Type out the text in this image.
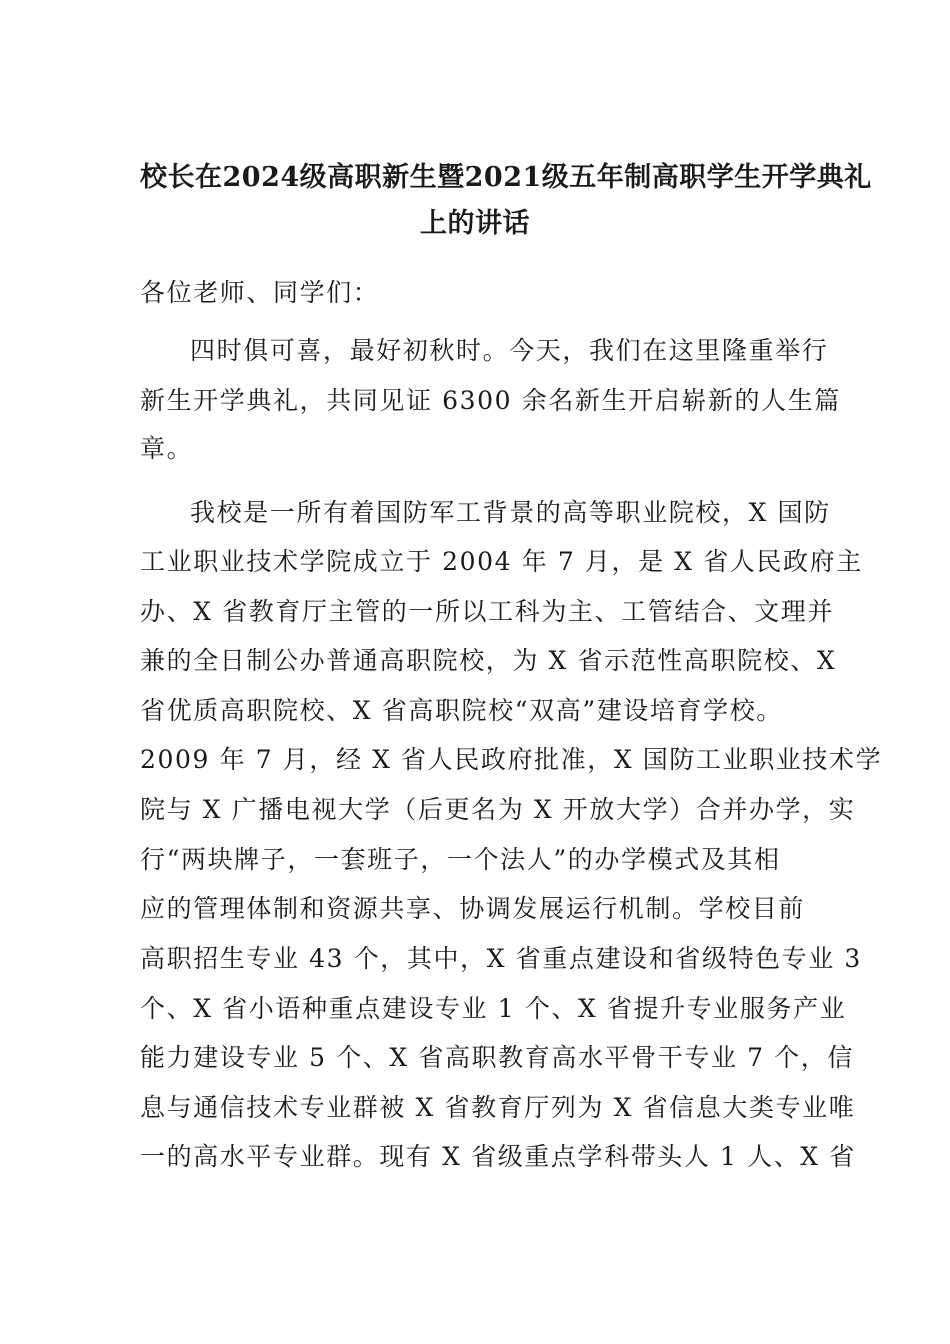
校长在2024级高职新生暨2021级五年制高职学生开学典礼
上的讲话
各位老师、同学们：
四时俱可喜，最好初秋时。今天，我们在这里隆重举行
新生开学典礼，共同见证 6300 余名新生开启崭新的人生篇
章。
我校是一所有着国防军工背景的高等职业院校，X 国防
工业职业技术学院成立于 2004 年 7 月，是 X 省人民政府主
办、X 省教育厅主管的一所以工科为主、工管结合、文理并
兼的全日制公办普通高职院校，为 X 省示范性高职院校、X
省优质高职院校、X 省高职院校“双高”建设培育学校。
2009 年 7 月，经 X 省人民政府批准，X 国防工业职业技术学
院与 X 广播电视大学（后更名为 X 开放大学）合并办学，实
行“两块牌子，一套班子，一个法人”的办学模式及其相
应的管理体制和资源共享、协调发展运行机制。学校目前
高职招生专业 43 个，其中，X 省重点建设和省级特色专业 3
个、X 省小语种重点建设专业 1 个、X 省提升专业服务产业
能力建设专业 5 个、X 省高职教育高水平骨干专业 7 个，信
息与通信技术专业群被 X 省教育厅列为 X 省信息大类专业唯
一的高水平专业群。现有 X 省级重点学科带头人 1 人、X 省
